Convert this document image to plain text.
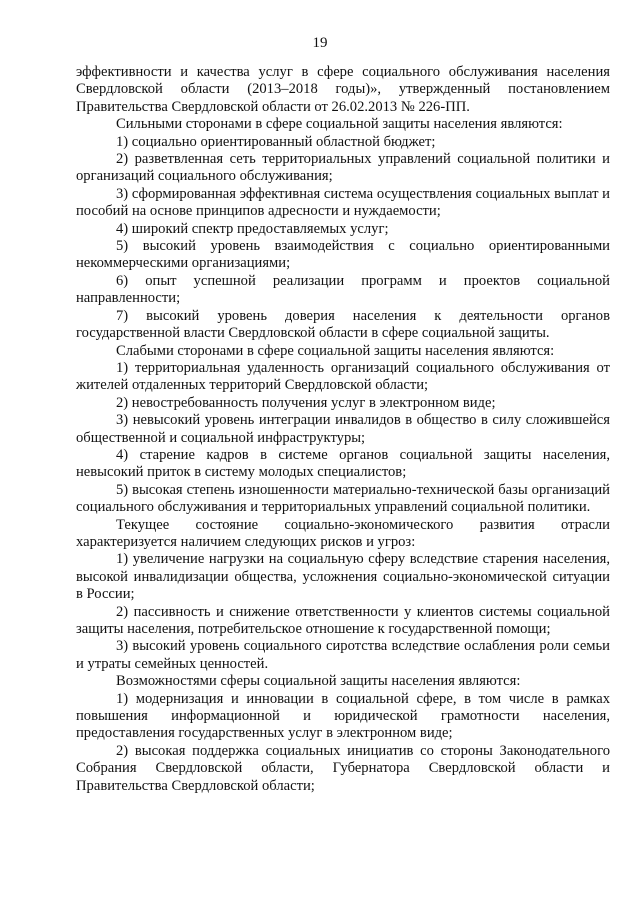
19

эффективности и качества услуг в сфере социального обслуживания населения Свердловской области (2013–2018 годы)», утвержденный постановлением Правительства Свердловской области от 26.02.2013 № 226-ПП.

Сильными сторонами в сфере социальной защиты населения являются:

1) социально ориентированный областной бюджет;

2) разветвленная сеть территориальных управлений социальной политики и организаций социального обслуживания;

3) сформированная эффективная система осуществления социальных выплат и пособий на основе принципов адресности и нуждаемости;

4) широкий спектр предоставляемых услуг;

5) высокий уровень взаимодействия с социально ориентированными некоммерческими организациями;

6) опыт успешной реализации программ и проектов социальной направленности;

7) высокий уровень доверия населения к деятельности органов государственной власти Свердловской области в сфере социальной защиты.

Слабыми сторонами в сфере социальной защиты населения являются:

1) территориальная удаленность организаций социального обслуживания от жителей отдаленных территорий Свердловской области;

2) невостребованность получения услуг в электронном виде;

3) невысокий уровень интеграции инвалидов в общество в силу сложившейся общественной и социальной инфраструктуры;

4) старение кадров в системе органов социальной защиты населения, невысокий приток в систему молодых специалистов;

5) высокая степень изношенности материально-технической базы организаций социального обслуживания и территориальных управлений социальной политики.

Текущее состояние социально-экономического развития отрасли характеризуется наличием следующих рисков и угроз:

1) увеличение нагрузки на социальную сферу вследствие старения населения, высокой инвалидизации общества, усложнения социально-экономической ситуации в России;

2) пассивность и снижение ответственности у клиентов системы социальной защиты населения, потребительское отношение к государственной помощи;

3) высокий уровень социального сиротства вследствие ослабления роли семьи и утраты семейных ценностей.

Возможностями сферы социальной защиты населения являются:

1) модернизация и инновации в социальной сфере, в том числе в рамках повышения информационной и юридической грамотности населения, предоставления государственных услуг в электронном виде;

2) высокая поддержка социальных инициатив со стороны Законодательного Собрания Свердловской области, Губернатора Свердловской области и Правительства Свердловской области;
